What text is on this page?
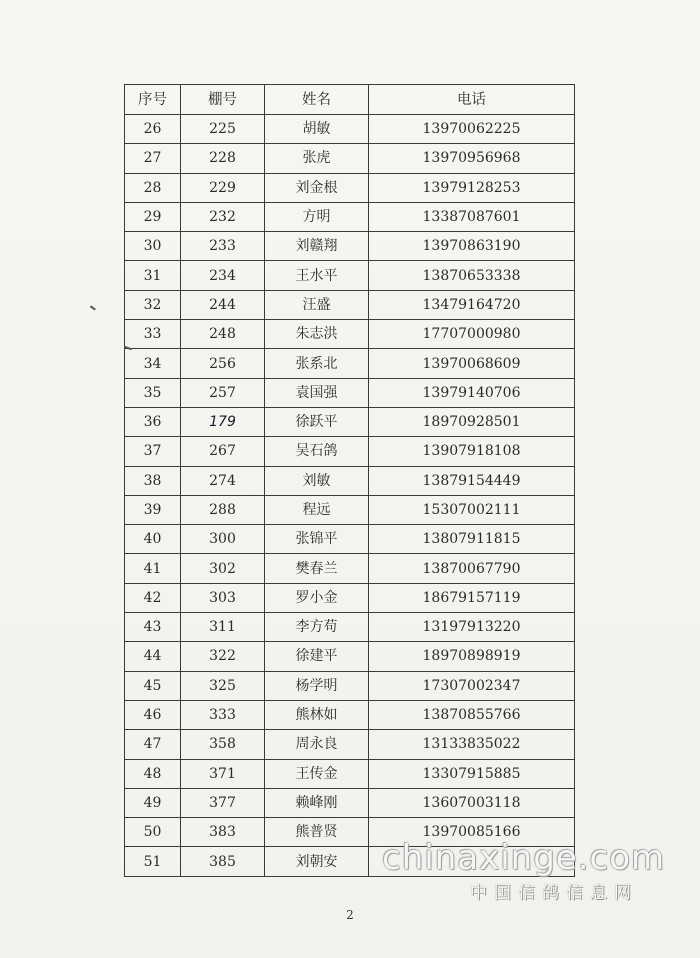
序号	棚号	姓名	电话
26	225	胡敏	13970062225
27	228	张虎	13970956968
28	229	刘金根	13979128253
29	232	方明	13387087601
30	233	刘赣翔	13970863190
31	234	王水平	13870653338
32	244	汪盛	13479164720
33	248	朱志洪	17707000980
34	256	张系北	13970068609
35	257	袁国强	13979140706
36	179	徐跃平	18970928501
37	267	吴石鸽	13907918108
38	274	刘敏	13879154449
39	288	程远	15307002111
40	300	张锦平	13807911815
41	302	樊春兰	13870067790
42	303	罗小金	18679157119
43	311	李方苟	13197913220
44	322	徐建平	18970898919
45	325	杨学明	17307002347
46	333	熊林如	13870855766
47	358	周永良	13133835022
48	371	王传金	13307915885
49	377	赖峰刚	13607003118
50	383	熊普贤	13970085166
51	385	刘朝安	
2
chinaxinge.com
中国信鸽信息网
